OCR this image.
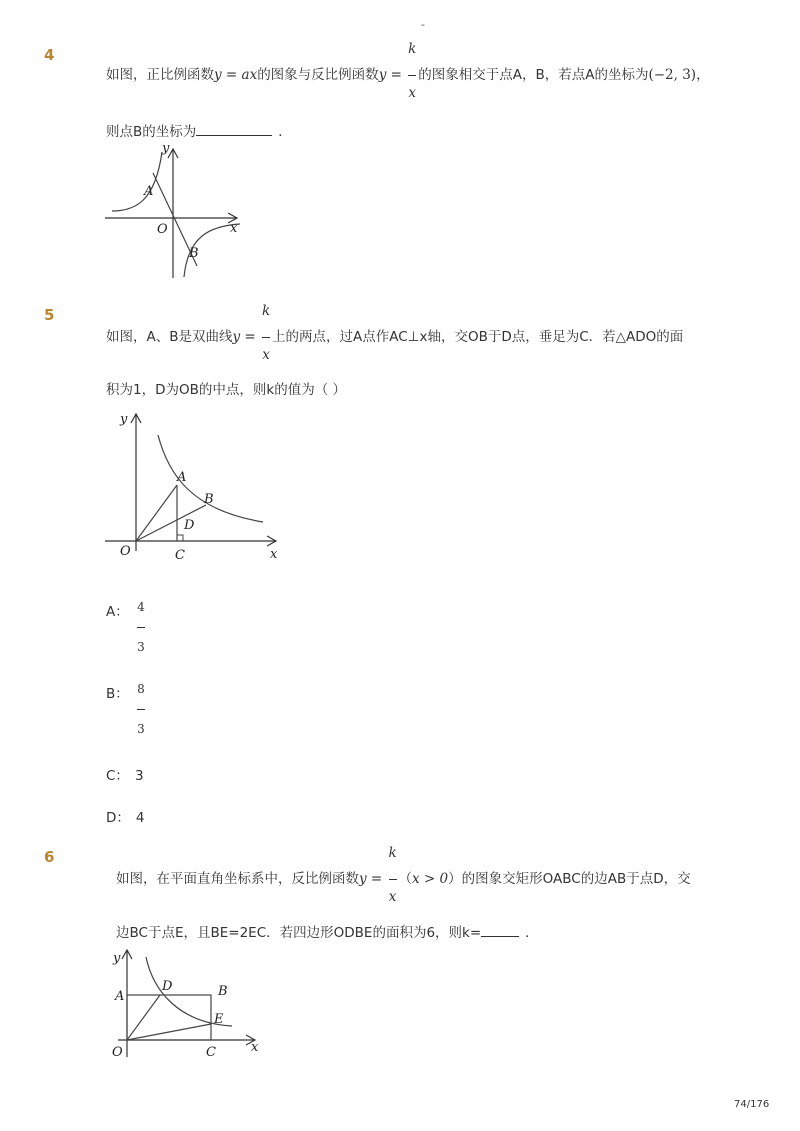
-
4
如图，正比例函数y = ax的图象与反比例函数$y = \frac{k}{x}$ 的图象相交于点A，B，若点A的坐标为(−2, 3)，
则点B的坐标为	．
y
x
O
A
B
5
如图，A、B是双曲线$y = \frac{k}{x}$ 上的两点，过A点作AC⊥x轴，交OB于D点，垂足为C．若△ADO的面
积为1，D为OB的中点，则k的值为（ ）
y
x
O	C
A
B
D
A： 4
3
B： 8
3
C： 3
D： 4
6
如图，在平面直角坐标系中，反比例函数$y = \frac{k}{x} (x > 0)$的图象交矩形OABC的边AB于点D，交
边BC于点E，且BE=2EC．若四边形ODBE的面积为6，则k=	．
y
x
O
A
D	B
E
C
74/176
